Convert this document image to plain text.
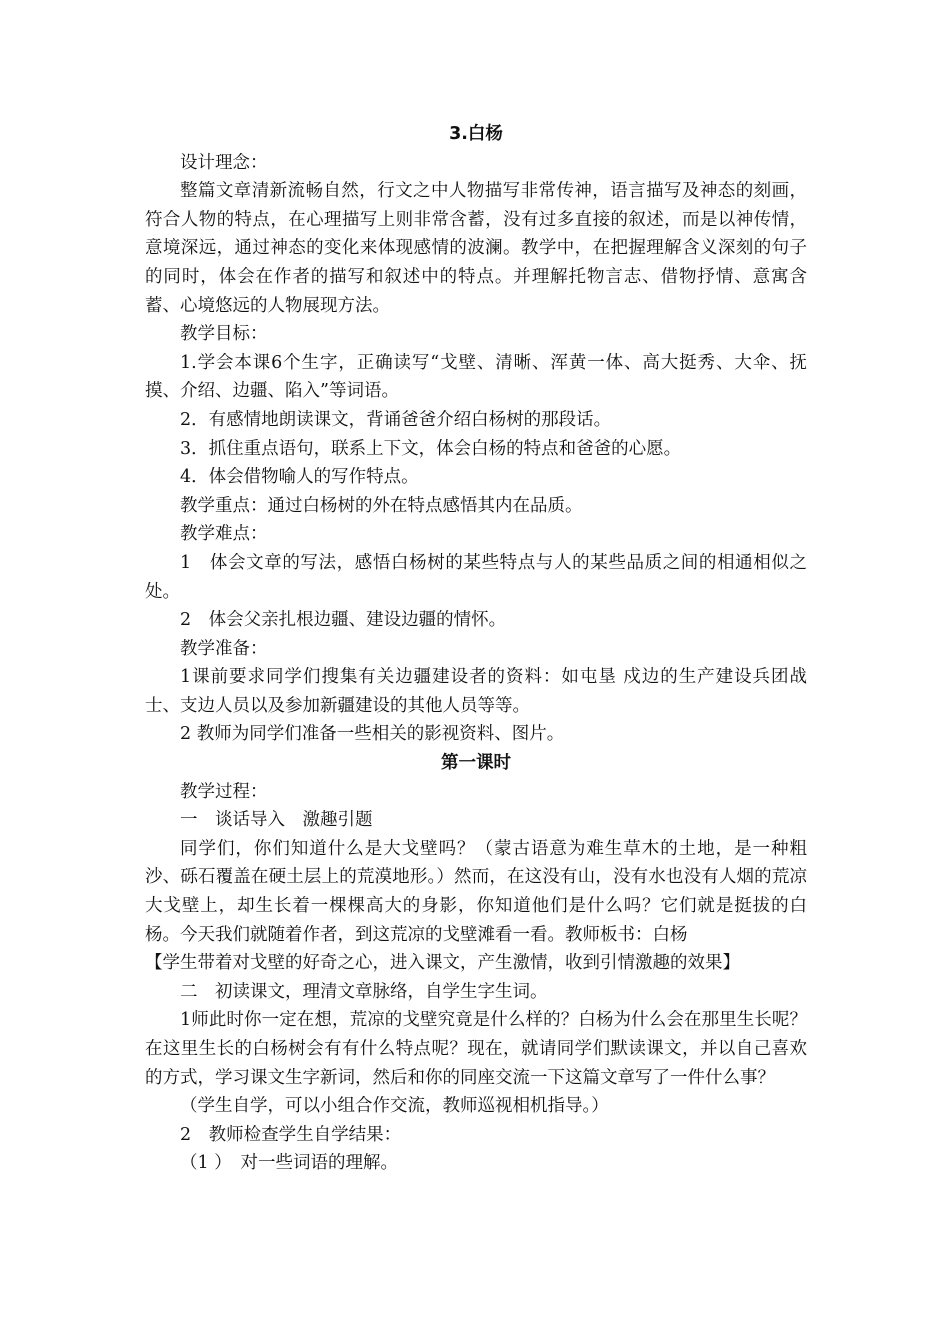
3.白杨

设计理念：

整篇文章清新流畅自然，行文之中人物描写非常传神，语言描写及神态的刻画，符合人物的特点，在心理描写上则非常含蓄，没有过多直接的叙述，而是以神传情，意境深远，通过神态的变化来体现感情的波澜。教学中，在把握理解含义深刻的句子的同时，体会在作者的描写和叙述中的特点。并理解托物言志、借物抒情、意寓含蓄、心境悠远的人物展现方法。

教学目标：

1.学会本课6个生字，正确读写“戈壁、清晰、浑黄一体、高大挺秀、大伞、抚摸、介绍、边疆、陷入”等词语。

2．有感情地朗读课文，背诵爸爸介绍白杨树的那段话。

3．抓住重点语句，联系上下文，体会白杨的特点和爸爸的心愿。

4．体会借物喻人的写作特点。

教学重点：通过白杨树的外在特点感悟其内在品质。

教学难点：

1　体会文章的写法，感悟白杨树的某些特点与人的某些品质之间的相通相似之处。

2　体会父亲扎根边疆、建设边疆的情怀。

教学准备：

1课前要求同学们搜集有关边疆建设者的资料：如屯垦 戍边的生产建设兵团战士、支边人员以及参加新疆建设的其他人员等等。

2 教师为同学们准备一些相关的影视资料、图片。

第一课时

教学过程：

一　谈话导入　激趣引题

同学们，你们知道什么是大戈壁吗？（蒙古语意为难生草木的土地，是一种粗沙、砾石覆盖在硬土层上的荒漠地形。）然而，在这没有山，没有水也没有人烟的荒凉大戈壁上，却生长着一棵棵高大的身影，你知道他们是什么吗？它们就是挺拔的白杨。今天我们就随着作者，到这荒凉的戈壁滩看一看。教师板书：白杨

【学生带着对戈壁的好奇之心，进入课文，产生激情，收到引情激趣的效果】

二　初读课文，理清文章脉络，自学生字生词。

1师此时你一定在想，荒凉的戈壁究竟是什么样的？白杨为什么会在那里生长呢？在这里生长的白杨树会有有什么特点呢？现在，就请同学们默读课文，并以自己喜欢的方式，学习课文生字新词，然后和你的同座交流一下这篇文章写了一件什么事？

（学生自学，可以小组合作交流，教师巡视相机指导。）

2　教师检查学生自学结果：

（1 ）　对一些词语的理解。
